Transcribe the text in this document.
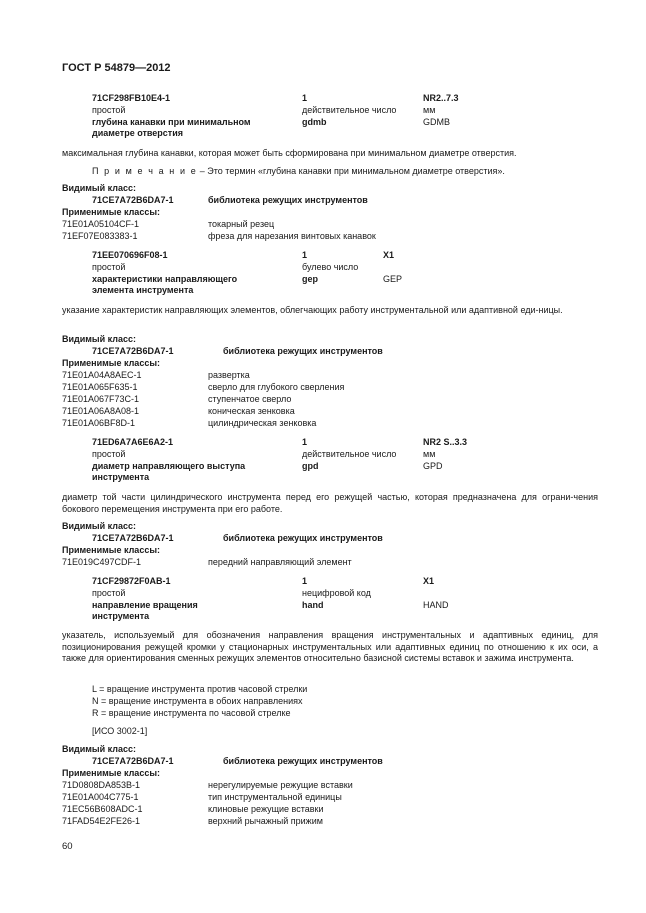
ГОСТ Р 54879—2012
71CF298FB10E4-1	1	NR2..7.3
простой	действительное число	мм
глубина канавки при минимальном	gdmb	GDMB
диаметре отверстия
максимальная глубина канавки, которая может быть сформирована при минимальном диаметре отверстия.
П р и м е ч а н и е – Это термин «глубина канавки при минимальном диаметре отверстия».
Видимый класс:
71CE7A72B6DA7-1	библиотека режущих инструментов
Применимые классы:
71E01A05104CF-1	токарный резец
71EF07E083383-1	фреза для нарезания винтовых канавок
71EE070696F08-1	1	X1
простой	булево число
характеристики направляющего	gep	GEP
элемента инструмента
указание характеристик направляющих элементов, облегчающих работу инструментальной или адаптивной еди-ницы.
Видимый класс:
71CE7A72B6DA7-1	библиотека режущих инструментов
Применимые классы:
71E01A04A8AEC-1	развертка
71E01A065F635-1	сверло для глубокого сверления
71E01A067F73C-1	ступенчатое сверло
71E01A06A8A08-1	коническая зенковка
71E01A06BF8D-1	цилиндрическая зенковка
71ED6A7A6E6A2-1	1	NR2 S..3.3
простой	действительное число	мм
диаметр направляющего выступа	gpd	GPD
инструмента
диаметр той части цилиндрического инструмента перед его режущей частью, которая предназначена для ограни-чения бокового перемещения инструмента при его работе.
Видимый класс:
71CE7A72B6DA7-1	библиотека режущих инструментов
Применимые классы:
71E019C497CDF-1	передний направляющий элемент
71CF29872F0AB-1	1	X1
простой	нецифровой код
направление вращения	hand	HAND
инструмента
указатель, используемый для обозначения направления вращения инструментальных и адаптивных единиц, для позиционирования режущей кромки у стационарных инструментальных или адаптивных единиц по отношению к их оси, а также для ориентирования сменных режущих элементов относительно базисной системы вставок и зажима инструмента.
L = вращение инструмента против часовой стрелки
N = вращение инструмента в обоих направлениях
R = вращение инструмента по часовой стрелке
[ИСО 3002-1]
Видимый класс:
71CE7A72B6DA7-1	библиотека режущих инструментов
Применимые классы:
71D0808DA853B-1	нерегулируемые режущие вставки
71E01A004C775-1	тип инструментальной единицы
71EC56B608ADC-1	клиновые режущие вставки
71FAD54E2FE26-1	верхний рычажный прижим
60
